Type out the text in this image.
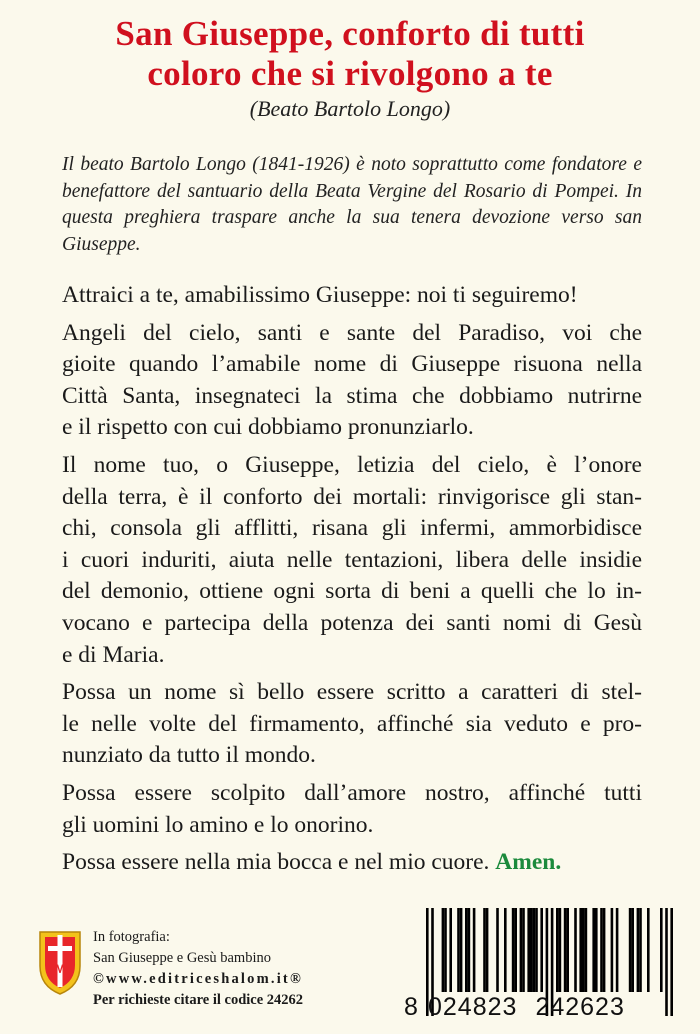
San Giuseppe, conforto di tutti
coloro che si rivolgono a te
(Beato Bartolo Longo)
Il beato Bartolo Longo (1841-1926) è noto soprattutto come fondatore e benefattore del santuario della Beata Vergine del Rosario di Pompei. In questa preghiera traspare anche la sua tenera devozione verso san Giuseppe.

Attraici a te, amabilissimo Giuseppe: noi ti seguiremo!

Angeli del cielo, santi e sante del Paradiso, voi che
gioite quando l’amabile nome di Giuseppe risuona nella
Città Santa, insegnateci la stima che dobbiamo nutrirne
e il rispetto con cui dobbiamo pronunziarlo.

Il nome tuo, o Giuseppe, letizia del cielo, è l’onore
della terra, è il conforto dei mortali: rinvigorisce gli stan-
chi, consola gli afflitti, risana gli infermi, ammorbidisce
i cuori induriti, aiuta nelle tentazioni, libera delle insidie
del demonio, ottiene ogni sorta di beni a quelli che lo in-
vocano e partecipa della potenza dei santi nomi di Gesù
e di Maria.

Possa un nome sì bello essere scritto a caratteri di stel-
le nelle volte del firmamento, affinché sia veduto e pro-
nunziato da tutto il mondo.

Possa essere scolpito dall’amore nostro, affinché tutti
gli uomini lo amino e lo onorino.

Possa essere nella mia bocca e nel mio cuore. Amen.

M
In fotografia:
San Giuseppe e Gesù bambino
©www.editriceshalom.it®
Per richieste citare il codice 24262	8 024823 242623
